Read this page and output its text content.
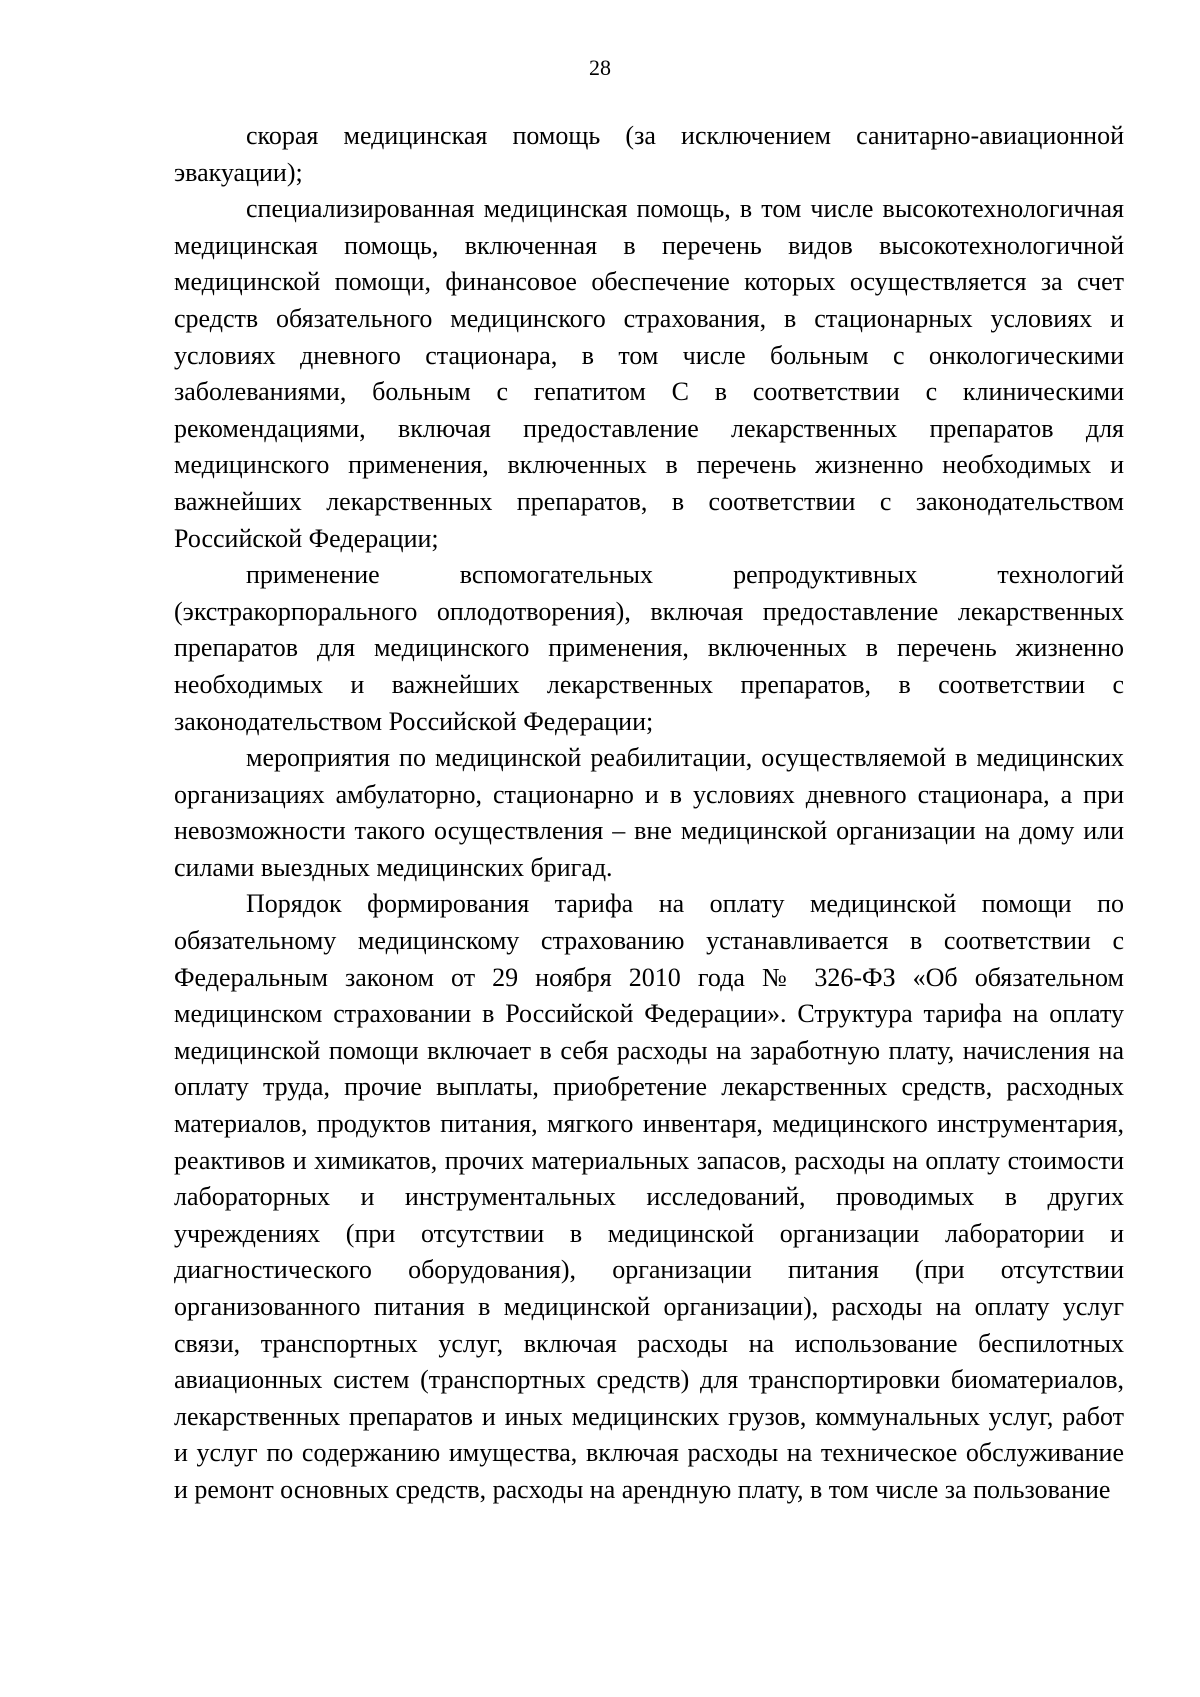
28

скорая медицинская помощь (за исключением санитарно-авиационной эвакуации);

специализированная медицинская помощь, в том числе высокотехнологичная медицинская помощь, включенная в перечень видов высокотехнологичной медицинской помощи, финансовое обеспечение которых осуществляется за счет средств обязательного медицинского страхования, в стационарных условиях и условиях дневного стационара, в том числе больным с онкологическими заболеваниями, больным с гепатитом С в соответствии с клиническими рекомендациями, включая предоставление лекарственных препаратов для медицинского применения, включенных в перечень жизненно необходимых и важнейших лекарственных препаратов, в соответствии с законодательством Российской Федерации;

применение вспомогательных репродуктивных технологий (экстракорпорального оплодотворения), включая предоставление лекарственных препаратов для медицинского применения, включенных в перечень жизненно необходимых и важнейших лекарственных препаратов, в соответствии с законодательством Российской Федерации;

мероприятия по медицинской реабилитации, осуществляемой в медицинских организациях амбулаторно, стационарно и в условиях дневного стационара, а при невозможности такого осуществления – вне медицинской организации на дому или силами выездных медицинских бригад.

Порядок формирования тарифа на оплату медицинской помощи по обязательному медицинскому страхованию устанавливается в соответствии с Федеральным законом от 29 ноября 2010 года № 326-ФЗ «Об обязательном медицинском страховании в Российской Федерации». Структура тарифа на оплату медицинской помощи включает в себя расходы на заработную плату, начисления на оплату труда, прочие выплаты, приобретение лекарственных средств, расходных материалов, продуктов питания, мягкого инвентаря, медицинского инструментария, реактивов и химикатов, прочих материальных запасов, расходы на оплату стоимости лабораторных и инструментальных исследований, проводимых в других учреждениях (при отсутствии в медицинской организации лаборатории и диагностического оборудования), организации питания (при отсутствии организованного питания в медицинской организации), расходы на оплату услуг связи, транспортных услуг, включая расходы на использование беспилотных авиационных систем (транспортных средств) для транспортировки биоматериалов, лекарственных препаратов и иных медицинских грузов, коммунальных услуг, работ и услуг по содержанию имущества, включая расходы на техническое обслуживание и ремонт основных средств, расходы на арендную плату, в том числе за пользование
